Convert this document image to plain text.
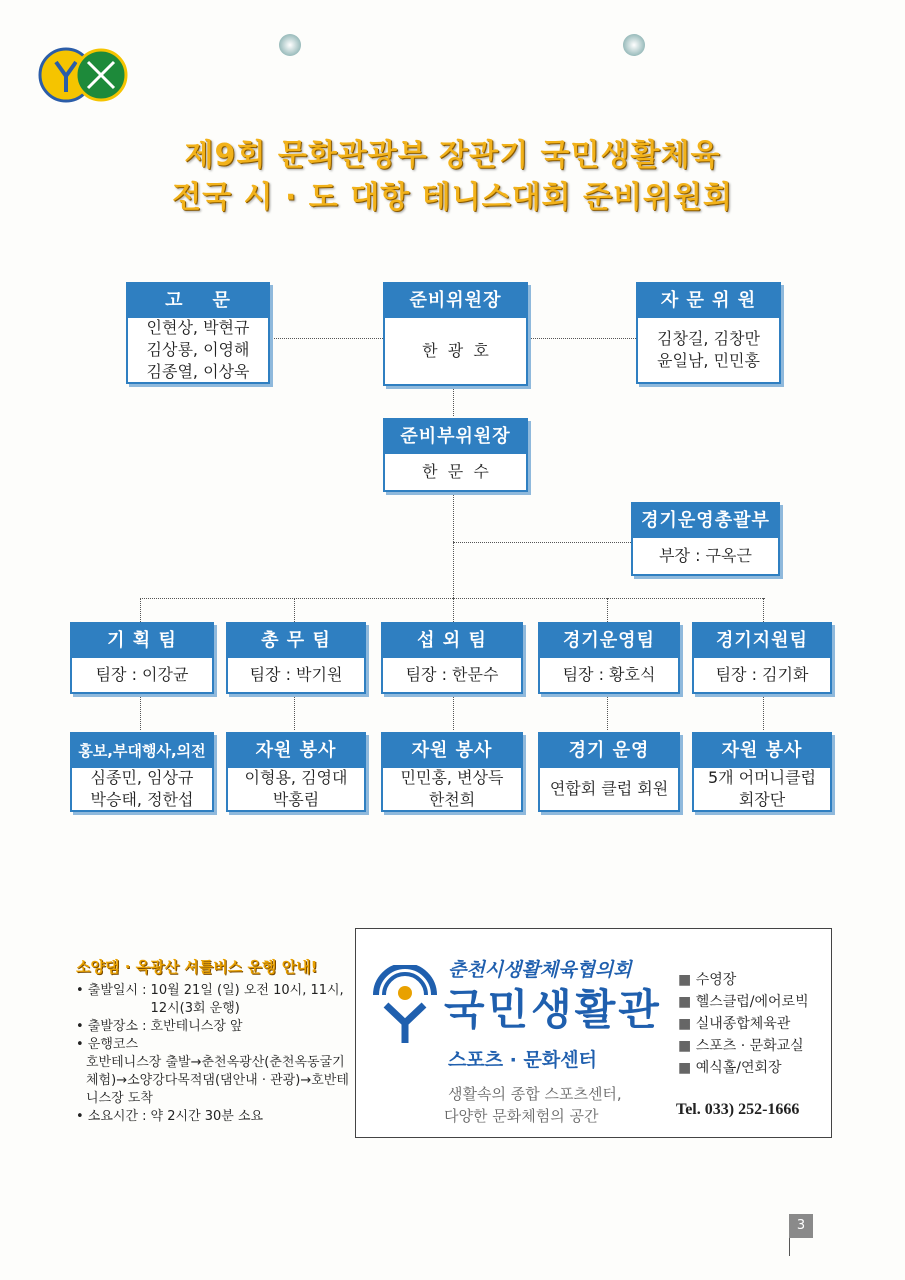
제9회 문화관광부 장관기 국민생활체육
전국 시 · 도 대항 테니스대회 준비위원회
고    문
인현상, 박현규
김상룡, 이영해
김종열, 이상욱
준비위원장
한  광  호
자 문 위 원
김창길, 김창만
윤일남, 민민홍
준비부위원장
한  문  수
경기운영총괄부
부장 : 구옥근
기 획 팀
팀장 : 이강균
총 무 팀
팀장 : 박기원
섭 외 팀
팀장 : 한문수
경기운영팀
팀장 : 황호식
경기지원팀
팀장 : 김기화
홍보,부대행사,의전
심종민, 임상규
박승태, 정한섭
자원 봉사
이형용, 김영대
박홍림
자원 봉사
민민홍, 변상득
한천희
경기 운영
연합회 클럽 회원
자원 봉사
5개 어머니클럽
회장단
소양댐 · 옥광산 셔틀버스 운행 안내!
• 출발일시 : 10월 21일 (일) 오전 10시, 11시, 12시(3회 운행)
• 출발장소 : 호반테니스장 앞
• 운행코스
호반테니스장 출발→춘천옥광산(춘천옥동굴기체험)→소양강다목적댐(댐안내 · 관광)→호반테니스장 도착
• 소요시간 : 약 2시간 30분 소요
춘천시생활체육협의회
국민생활관
스포츠 · 문화센터
생활속의 종합 스포츠센터,
다양한 문화체험의 공간
■ 수영장
■ 헬스클럽/에어로빅
■ 실내종합체육관
■ 스포츠 · 문화교실
■ 예식홀/연회장
Tel. 033) 252-1666
3
